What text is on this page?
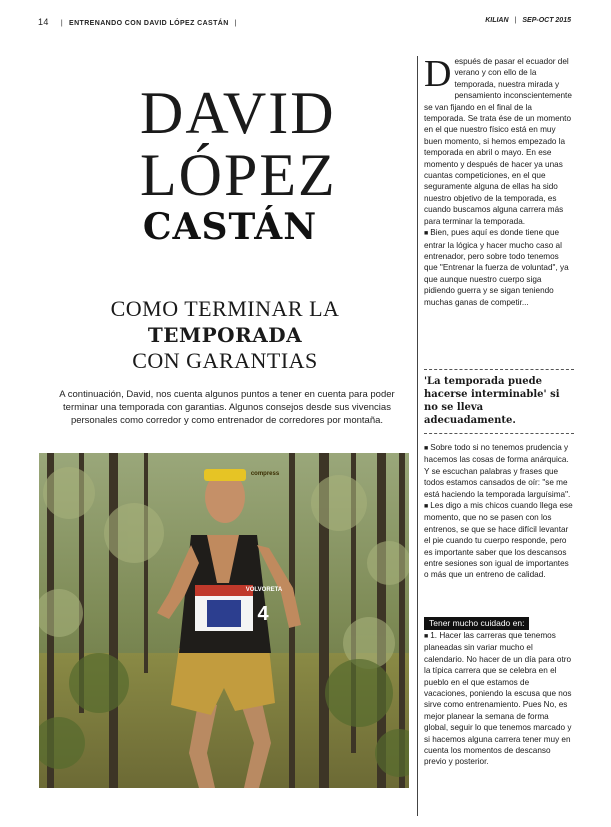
14 | ENTRENANDO CON DAVID LÓPEZ CASTÁN |	KILIAN | SEP-OCT 2015
DAVID
LÓPEZ
CASTÁN
COMO TERMINAR LA
TEMPORADA
CON GARANTIAS
A continuación, David, nos cuenta algunos puntos a tener en cuenta para poder terminar una temporada con garantias. Algunos consejos desde sus vivencias personales como corredor y como entrenador de corredores por montaña.
VOLVORETA
4
compress

Después de pasar el ecuador del verano y con ello de la temporada, nuestra mirada y pensamiento inconscientemente se van fijando en el final de la temporada. Se trata ése de un momento en el que nuestro físico está en muy buen momento, si hemos empezado la temporada en abril o mayo. En ese momento y después de hacer ya unas cuantas competiciones, en el que seguramente alguna de ellas ha sido nuestro objetivo de la temporada, es cuando buscamos alguna carrera más para terminar la temporada.

■ Bien, pues aquí es donde tiene que entrar la lógica y hacer mucho caso al entrenador, pero sobre todo tenemos que "Entrenar la fuerza de voluntad", ya que aunque nuestro cuerpo siga pidiendo guerra y se sigan teniendo muchas ganas de competir...

'La temporada puede hacerse interminable' si no se lleva adecuadamente.

■ Sobre todo si no tenemos prudencia y hacemos las cosas de forma anárquica. Y se escuchan palabras y frases que todos estamos cansados de oír: "se me está haciendo la temporada larguísima".

■ Les digo a mis chicos cuando llega ese momento, que no se pasen con los entrenos, se que se hace difícil levantar el pie cuando tu cuerpo responde, pero es importante saber que los descansos entre sesiones son igual de importantes o más que un entreno de calidad.

Tener mucho cuidado en:

■ 1. Hacer las carreras que tenemos planeadas sin variar mucho el calendario. No hacer de un día para otro la típica carrera que se celebra en el pueblo en el que estamos de vacaciones, poniendo la escusa que nos sirve como entrenamiento. Pues No, es mejor planear la semana de forma global, seguir lo que tenemos marcado y si hacemos alguna carrera tener muy en cuenta los momentos de descanso previo y posterior.
